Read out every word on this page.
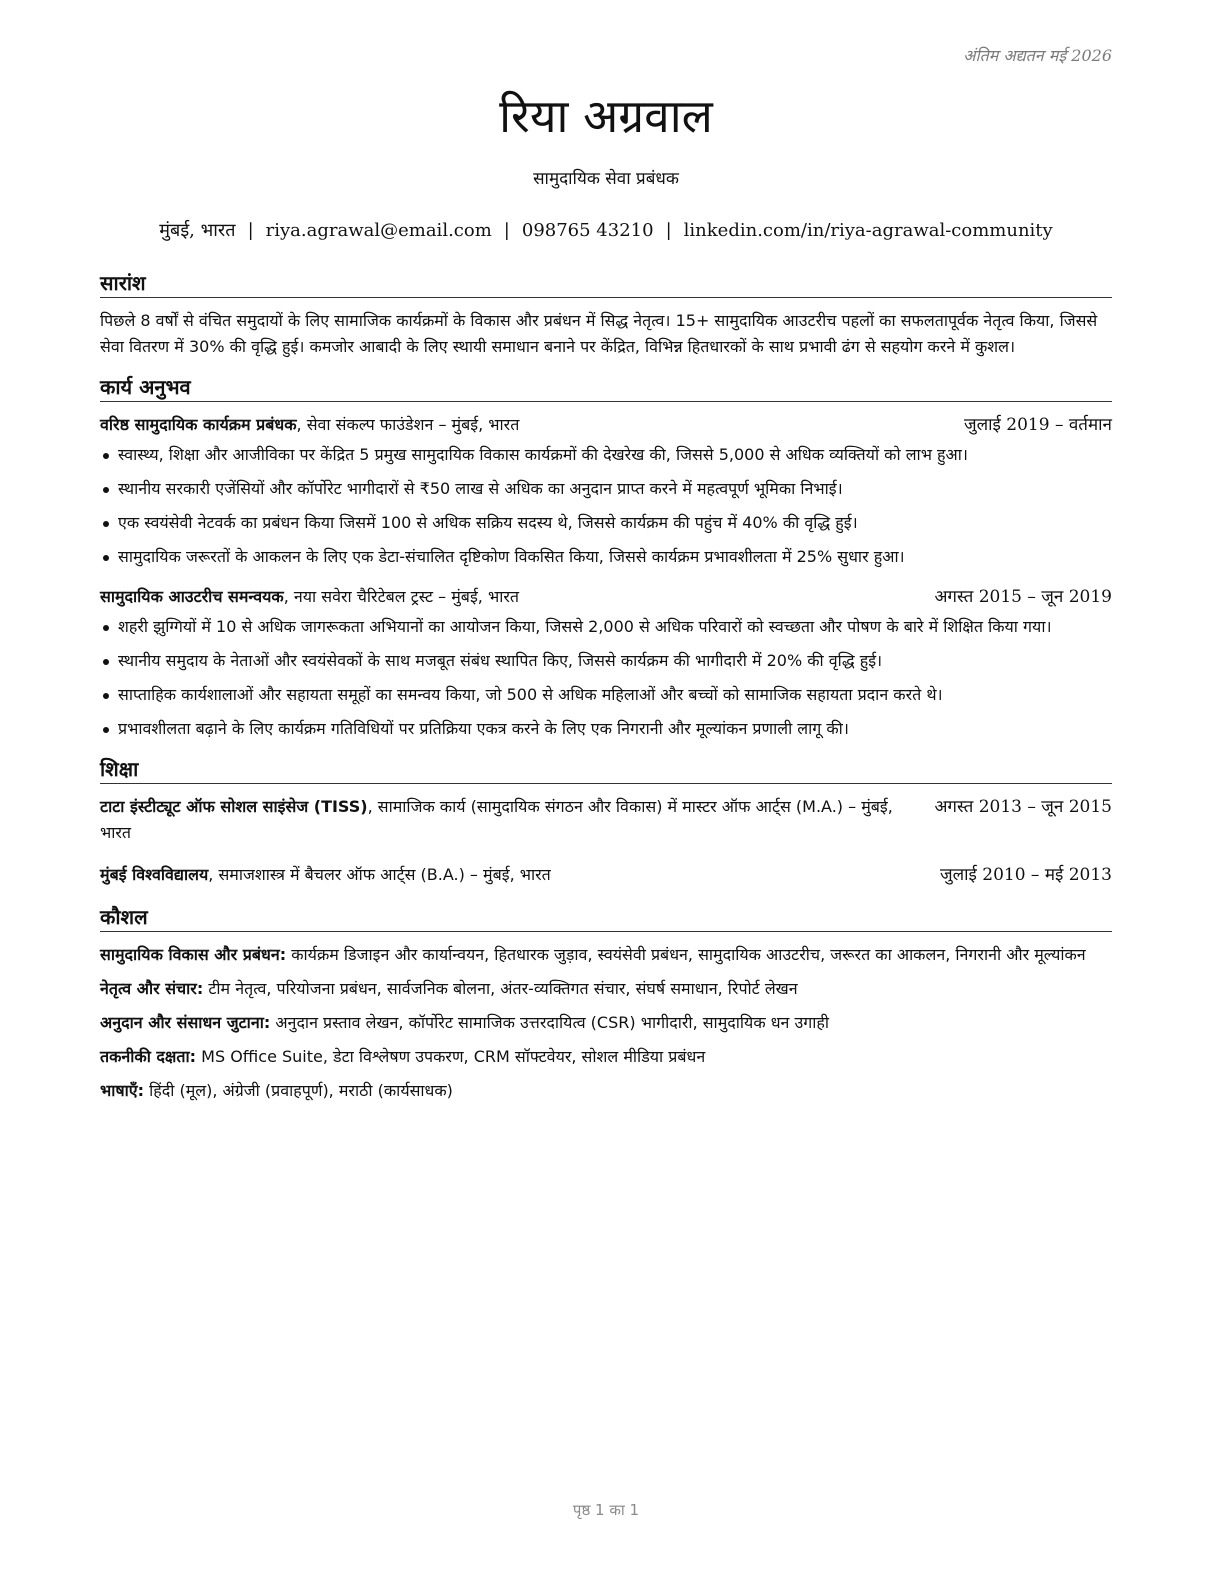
अंतिम अद्यतन मई 2026
रिया अग्रवाल
सामुदायिक सेवा प्रबंधक
मुंबई, भारत | riya.agrawal@email.com | 098765 43210 | linkedin.com/in/riya-agrawal-community
सारांश

पिछले 8 वर्षों से वंचित समुदायों के लिए सामाजिक कार्यक्रमों के विकास और प्रबंधन में सिद्ध नेतृत्व। 15+ सामुदायिक आउटरीच पहलों का सफलतापूर्वक नेतृत्व किया, जिससे सेवा वितरण में 30% की वृद्धि हुई। कमजोर आबादी के लिए स्थायी समाधान बनाने पर केंद्रित, विभिन्न हितधारकों के साथ प्रभावी ढंग से सहयोग करने में कुशल।

कार्य अनुभव
वरिष्ठ सामुदायिक कार्यक्रम प्रबंधक, सेवा संकल्प फाउंडेशन – मुंबई, भारत	जुलाई 2019 – वर्तमान
स्वास्थ्य, शिक्षा और आजीविका पर केंद्रित 5 प्रमुख सामुदायिक विकास कार्यक्रमों की देखरेख की, जिससे 5,000 से अधिक व्यक्तियों को लाभ हुआ।
स्थानीय सरकारी एजेंसियों और कॉर्पोरेट भागीदारों से ₹50 लाख से अधिक का अनुदान प्राप्त करने में महत्वपूर्ण भूमिका निभाई।
एक स्वयंसेवी नेटवर्क का प्रबंधन किया जिसमें 100 से अधिक सक्रिय सदस्य थे, जिससे कार्यक्रम की पहुंच में 40% की वृद्धि हुई।
सामुदायिक जरूरतों के आकलन के लिए एक डेटा-संचालित दृष्टिकोण विकसित किया, जिससे कार्यक्रम प्रभावशीलता में 25% सुधार हुआ।
सामुदायिक आउटरीच समन्वयक, नया सवेरा चैरिटेबल ट्रस्ट – मुंबई, भारत	अगस्त 2015 – जून 2019
शहरी झुग्गियों में 10 से अधिक जागरूकता अभियानों का आयोजन किया, जिससे 2,000 से अधिक परिवारों को स्वच्छता और पोषण के बारे में शिक्षित किया गया।
स्थानीय समुदाय के नेताओं और स्वयंसेवकों के साथ मजबूत संबंध स्थापित किए, जिससे कार्यक्रम की भागीदारी में 20% की वृद्धि हुई।
साप्ताहिक कार्यशालाओं और सहायता समूहों का समन्वय किया, जो 500 से अधिक महिलाओं और बच्चों को सामाजिक सहायता प्रदान करते थे।
प्रभावशीलता बढ़ाने के लिए कार्यक्रम गतिविधियों पर प्रतिक्रिया एकत्र करने के लिए एक निगरानी और मूल्यांकन प्रणाली लागू की।
शिक्षा
टाटा इंस्टीट्यूट ऑफ सोशल साइंसेज (TISS), सामाजिक कार्य (सामुदायिक संगठन और विकास) में मास्टर ऑफ आर्ट्स (M.A.) – मुंबई, भारत
अगस्त 2013 – जून 2015
मुंबई विश्वविद्यालय, समाजशास्त्र में बैचलर ऑफ आर्ट्स (B.A.) – मुंबई, भारत	जुलाई 2010 – मई 2013
कौशल

सामुदायिक विकास और प्रबंधन: कार्यक्रम डिजाइन और कार्यान्वयन, हितधारक जुड़ाव, स्वयंसेवी प्रबंधन, सामुदायिक आउटरीच, जरूरत का आकलन, निगरानी और मूल्यांकन

नेतृत्व और संचार: टीम नेतृत्व, परियोजना प्रबंधन, सार्वजनिक बोलना, अंतर-व्यक्तिगत संचार, संघर्ष समाधान, रिपोर्ट लेखन

अनुदान और संसाधन जुटाना: अनुदान प्रस्ताव लेखन, कॉर्पोरेट सामाजिक उत्तरदायित्व (CSR) भागीदारी, सामुदायिक धन उगाही

तकनीकी दक्षता: MS Office Suite, डेटा विश्लेषण उपकरण, CRM सॉफ्टवेयर, सोशल मीडिया प्रबंधन

भाषाएँ: हिंदी (मूल), अंग्रेजी (प्रवाहपूर्ण), मराठी (कार्यसाधक)

पृष्ठ 1 का 1
